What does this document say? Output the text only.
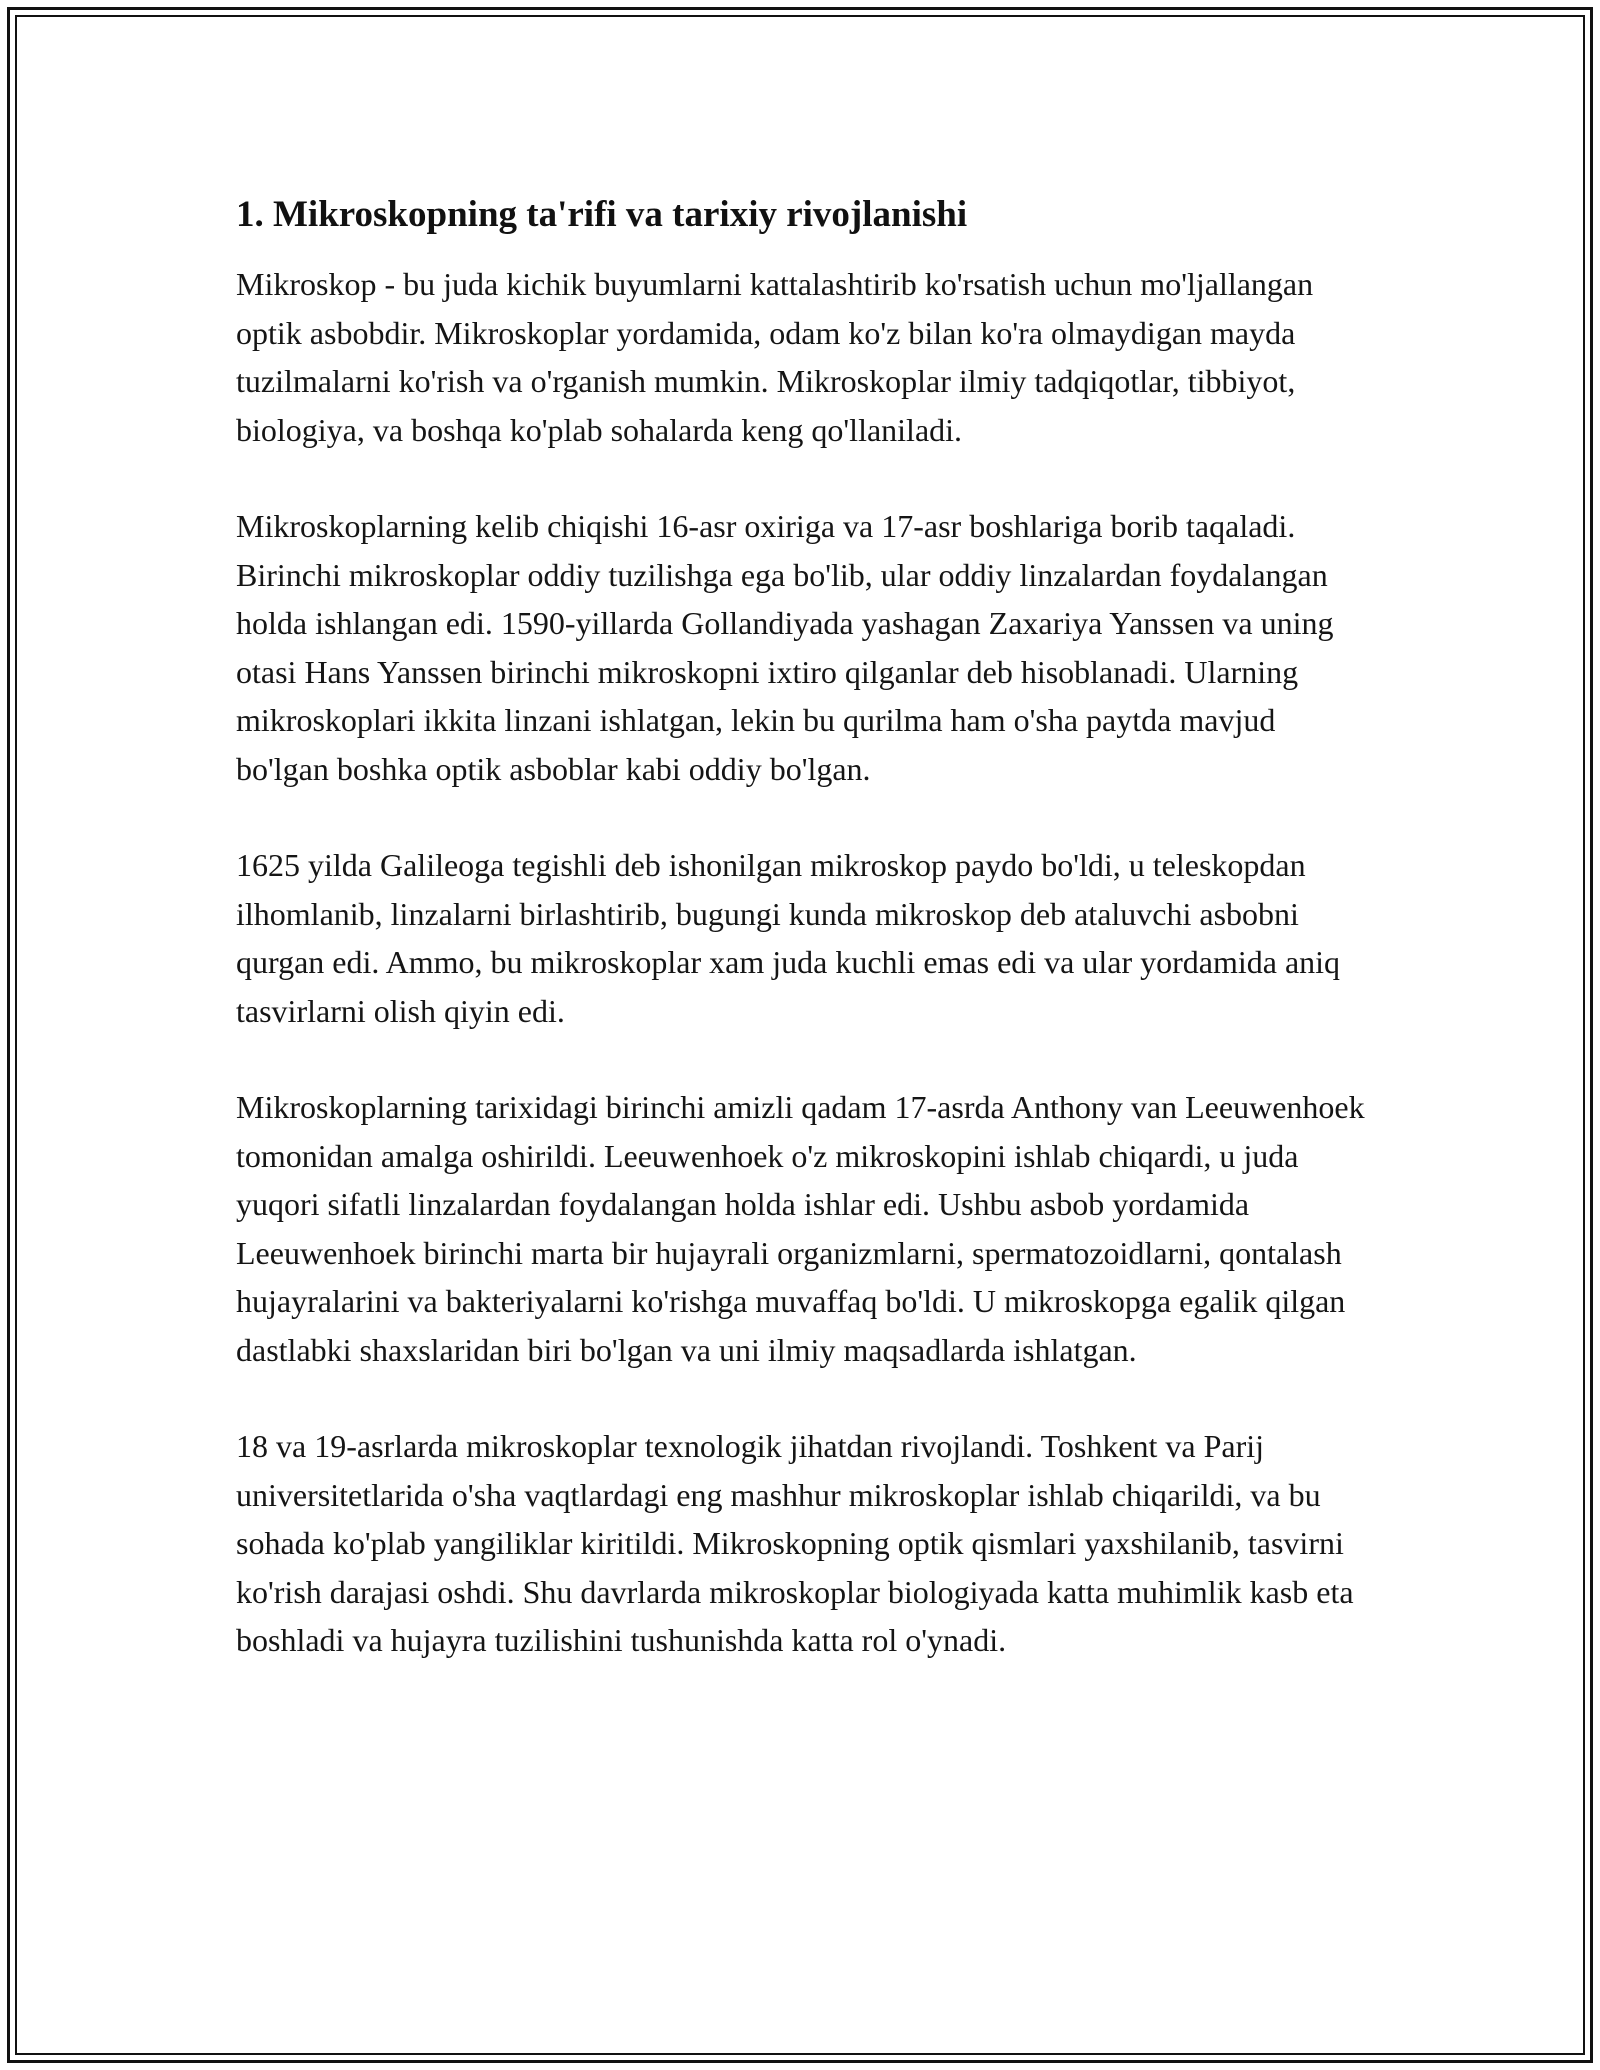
1. Mikroskopning ta'rifi va tarixiy rivojlanishi

Mikroskop - bu juda kichik buyumlarni kattalashtirib ko'rsatish uchun mo'ljallangan optik asbobdir. Mikroskoplar yordamida, odam ko'z bilan ko'ra olmaydigan mayda tuzilmalarni ko'rish va o'rganish mumkin. Mikroskoplar ilmiy tadqiqotlar, tibbiyot, biologiya, va boshqa ko'plab sohalarda keng qo'llaniladi.

Mikroskoplarning kelib chiqishi 16-asr oxiriga va 17-asr boshlariga borib taqaladi. Birinchi mikroskoplar oddiy tuzilishga ega bo'lib, ular oddiy linzalardan foydalangan holda ishlangan edi. 1590-yillarda Gollandiyada yashagan Zaxariya Yanssen va uning otasi Hans Yanssen birinchi mikroskopni ixtiro qilganlar deb hisoblanadi. Ularning mikroskoplari ikkita linzani ishlatgan, lekin bu qurilma ham o'sha paytda mavjud bo'lgan boshka optik asboblar kabi oddiy bo'lgan.

1625 yilda Galileoga tegishli deb ishonilgan mikroskop paydo bo'ldi, u teleskopdan ilhomlanib, linzalarni birlashtirib, bugungi kunda mikroskop deb ataluvchi asbobni qurgan edi. Ammo, bu mikroskoplar xam juda kuchli emas edi va ular yordamida aniq tasvirlarni olish qiyin edi.

Mikroskoplarning tarixidagi birinchi amizli qadam 17-asrda Anthony van Leeuwenhoek tomonidan amalga oshirildi. Leeuwenhoek o'z mikroskopini ishlab chiqardi, u juda yuqori sifatli linzalardan foydalangan holda ishlar edi. Ushbu asbob yordamida Leeuwenhoek birinchi marta bir hujayrali organizmlarni, spermatozoidlarni, qontalash hujayralarini va bakteriyalarni ko'rishga muvaffaq bo'ldi. U mikroskopga egalik qilgan dastlabki shaxslaridan biri bo'lgan va uni ilmiy maqsadlarda ishlatgan.

18 va 19-asrlarda mikroskoplar texnologik jihatdan rivojlandi. Toshkent va Parij universitetlarida o'sha vaqtlardagi eng mashhur mikroskoplar ishlab chiqarildi, va bu sohada ko'plab yangiliklar kiritildi. Mikroskopning optik qismlari yaxshilanib, tasvirni ko'rish darajasi oshdi. Shu davrlarda mikroskoplar biologiyada katta muhimlik kasb eta boshladi va hujayra tuzilishini tushunishda katta rol o'ynadi.
